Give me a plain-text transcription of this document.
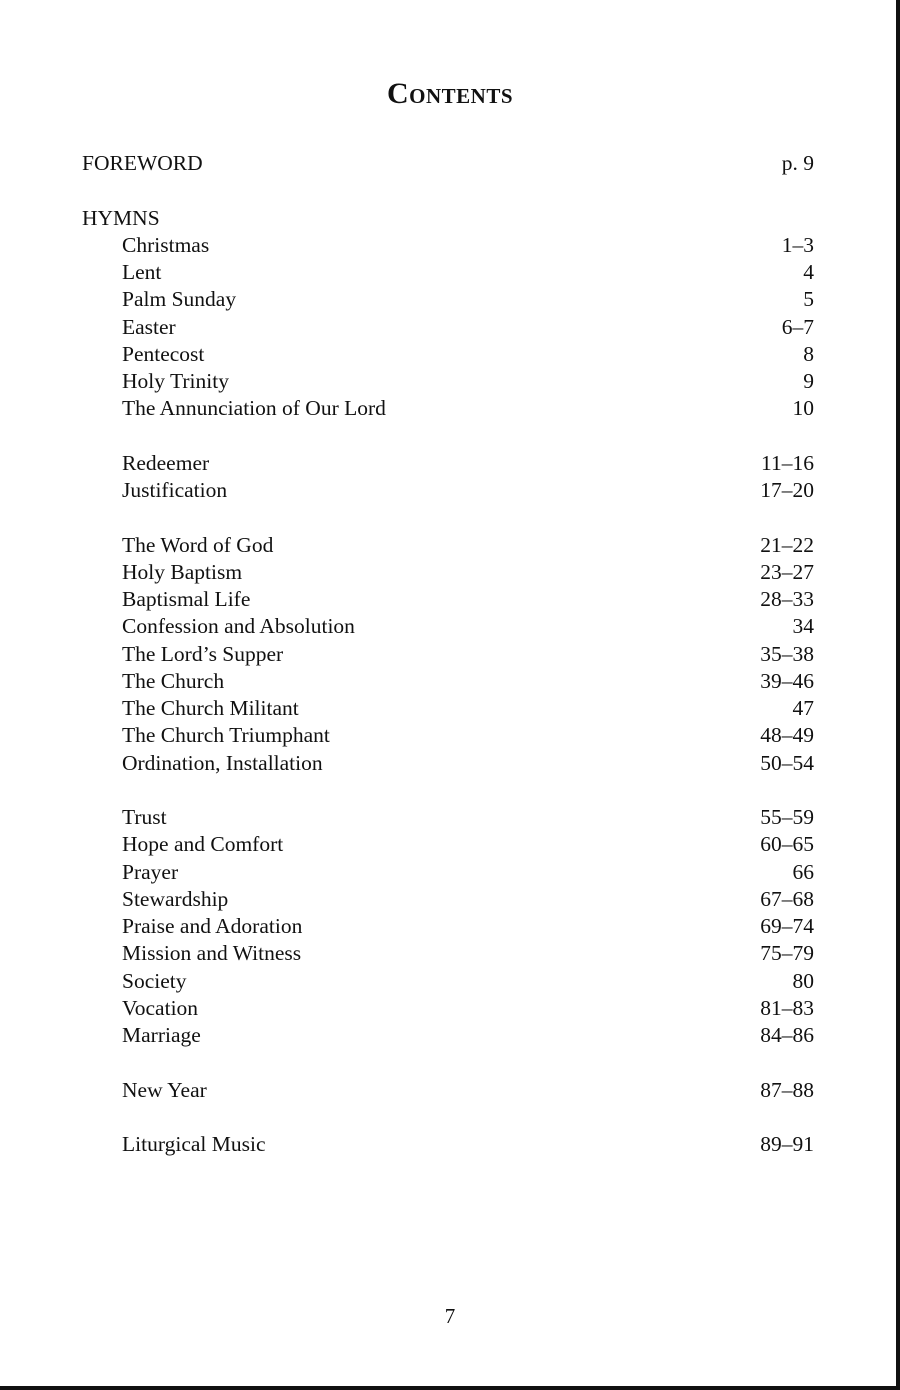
Contents
FOREWORD	p. 9
HYMNS
Christmas	1–3
Lent	4
Palm Sunday	5
Easter	6–7
Pentecost	8
Holy Trinity	9
The Annunciation of Our Lord	10
Redeemer	11–16
Justification	17–20
The Word of God	21–22
Holy Baptism	23–27
Baptismal Life	28–33
Confession and Absolution	34
The Lord’s Supper	35–38
The Church	39–46
The Church Militant	47
The Church Triumphant	48–49
Ordination, Installation	50–54
Trust	55–59
Hope and Comfort	60–65
Prayer	66
Stewardship	67–68
Praise and Adoration	69–74
Mission and Witness	75–79
Society	80
Vocation	81–83
Marriage	84–86
New Year	87–88
Liturgical Music	89–91
7
